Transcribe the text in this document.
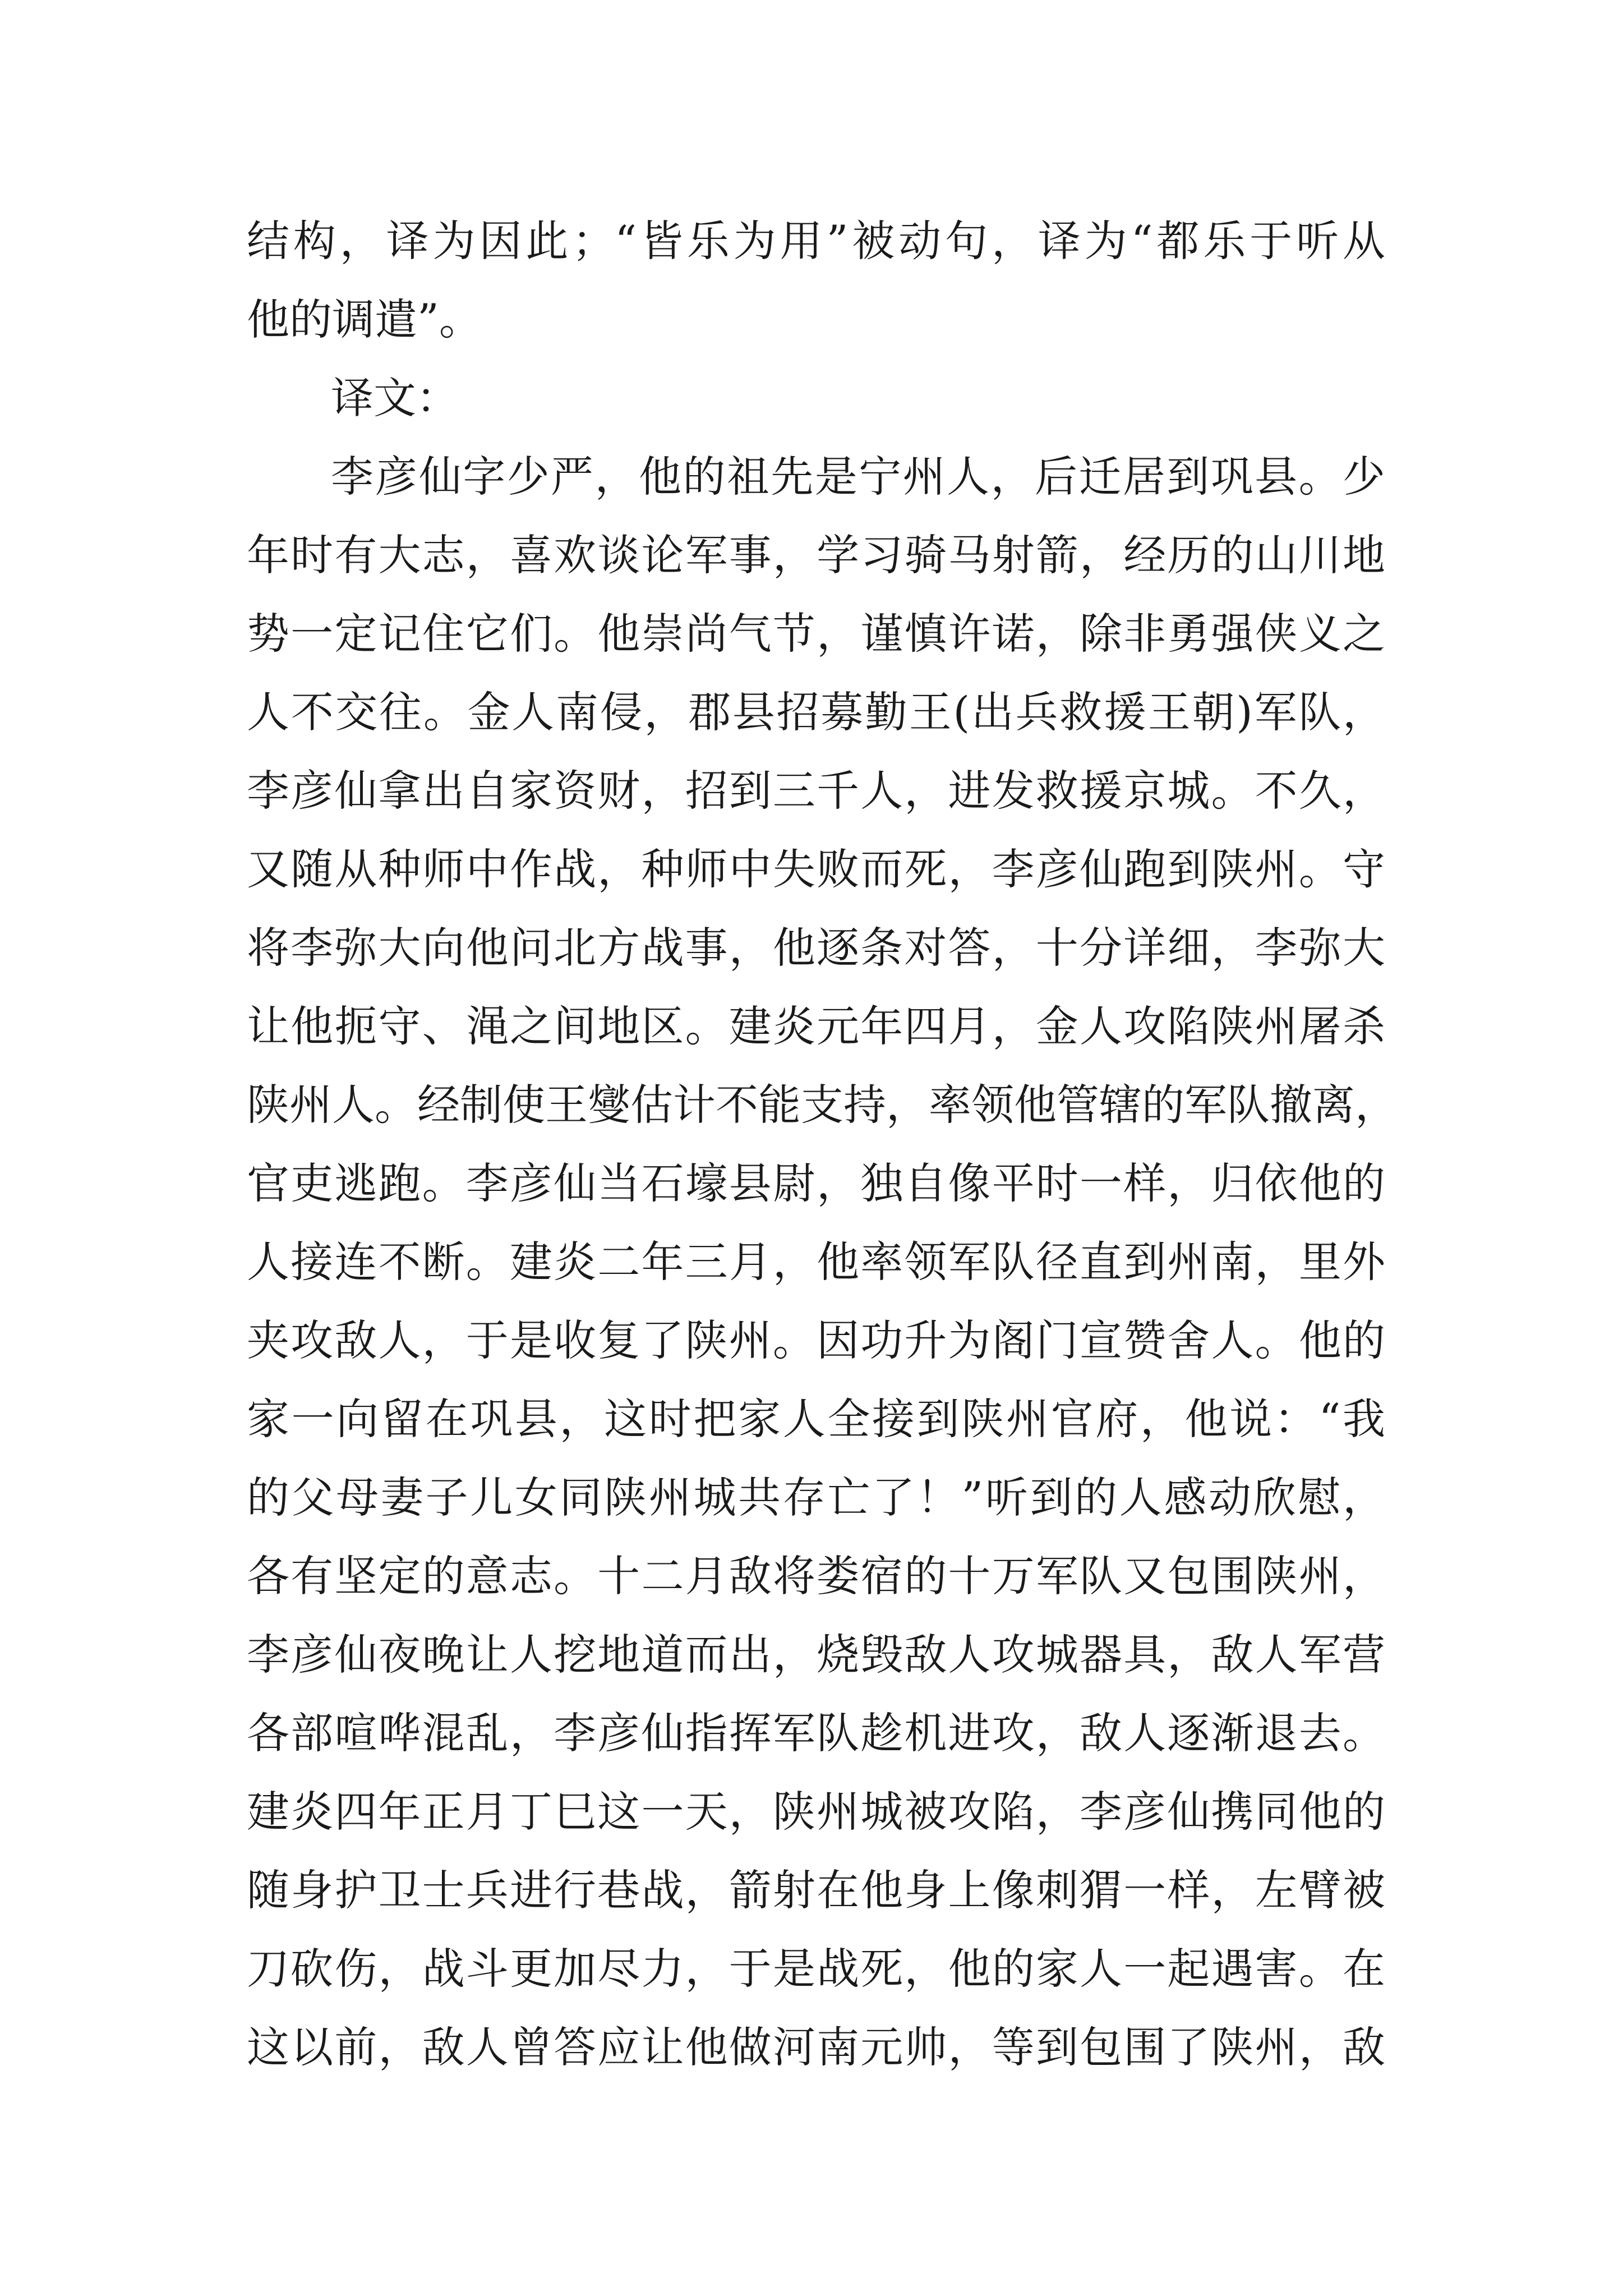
结构，译为因此；“皆乐为用”被动句，译为“都乐于听从
他的调遣”。
译文：
李彦仙字少严，他的祖先是宁州人，后迁居到巩县。少
年时有大志，喜欢谈论军事，学习骑马射箭，经历的山川地
势一定记住它们。他崇尚气节，谨慎许诺，除非勇强侠义之
人不交往。金人南侵，郡县招募勤王(出兵救援王朝)军队，
李彦仙拿出自家资财，招到三千人，进发救援京城。不久，
又随从种师中作战，种师中失败而死，李彦仙跑到陕州。守
将李弥大向他问北方战事，他逐条对答，十分详细，李弥大
让他扼守、渑之间地区。建炎元年四月，金人攻陷陕州屠杀
陕州人。经制使王燮估计不能支持，率领他管辖的军队撤离，
官吏逃跑。李彦仙当石壕县尉，独自像平时一样，归依他的
人接连不断。建炎二年三月，他率领军队径直到州南，里外
夹攻敌人，于是收复了陕州。因功升为阁门宣赞舍人。他的
家一向留在巩县，这时把家人全接到陕州官府，他说：“我
的父母妻子儿女同陕州城共存亡了！”听到的人感动欣慰，
各有坚定的意志。十二月敌将娄宿的十万军队又包围陕州，
李彦仙夜晚让人挖地道而出，烧毁敌人攻城器具，敌人军营
各部喧哗混乱，李彦仙指挥军队趁机进攻，敌人逐渐退去。
建炎四年正月丁巳这一天，陕州城被攻陷，李彦仙携同他的
随身护卫士兵进行巷战，箭射在他身上像刺猬一样，左臂被
刀砍伤，战斗更加尽力，于是战死，他的家人一起遇害。在
这以前，敌人曾答应让他做河南元帅，等到包围了陕州，敌
